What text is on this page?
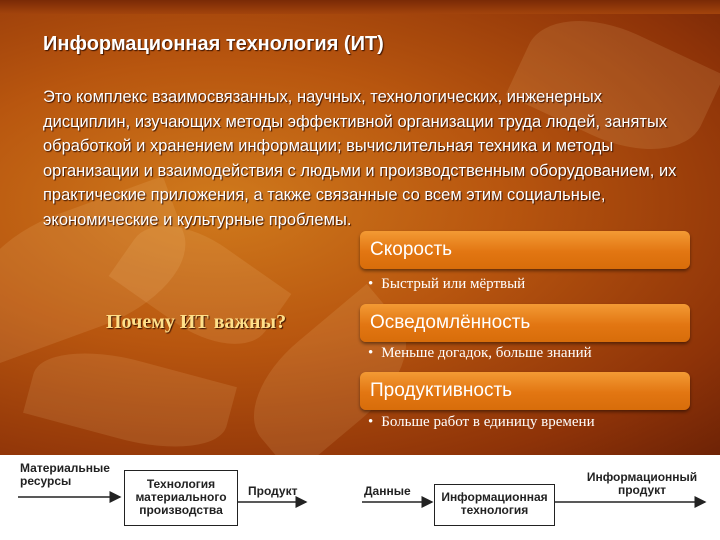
Информационная технология (ИТ)
Это комплекс взаимосвязанных, научных, технологических, инженерных дисциплин, изучающих методы эффективной организации труда людей, занятых обработкой и хранением информации; вычислительная техника и методы организации и взаимодействия с людьми и производственным оборудованием, их практические приложения, а также связанные со всем этим социальные, экономические и культурные проблемы.
Почему ИТ важны?
Скорость
• Быстрый или мёртвый
Осведомлённость
• Меньше догадок, больше знаний
Продуктивность
• Больше работ в единицу времени
Материальные ресурсы	Технология материального производства
Продукт	Данные	Информационная технология
Информационный продукт
